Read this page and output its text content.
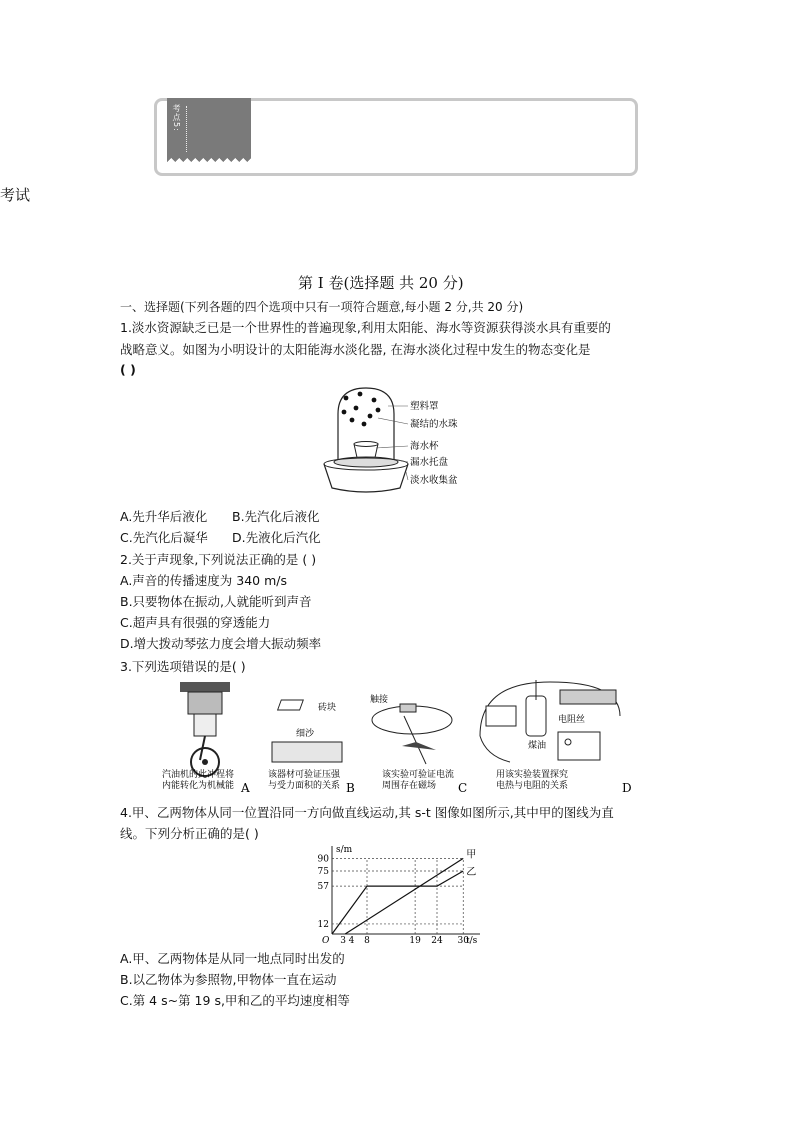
考点5:
考试
第 I 卷(选择题 共 20 分)
一、选择题(下列各题的四个选项中只有一项符合题意,每小题 2 分,共 20 分)
1.淡水资源缺乏已是一个世界性的普遍现象,利用太阳能、海水等资源获得淡水具有重要的
战略意义。如图为小明设计的太阳能海水淡化器, 在海水淡化过程中发生的物态变化是
( )
塑料罩
凝结的水珠
海水杯
漏水托盘
淡水收集盆
A.先升华后液化 B.先汽化后液化
C.先汽化后凝华 D.先液化后汽化
2.关于声现象,下列说法正确的是 ( )
A.声音的传播速度为 340 m/s
B.只要物体在振动,人就能听到声音
C.超声具有很强的穿透能力
D.增大拨动琴弦力度会增大振动频率
3.下列选项错误的是( )
汽油机的此冲程将
内能转化为机械能 A
砖块
细沙
该器材可验证压强
与受力面积的关系 B
触接
该实验可验证电流
周围存在磁场 C
电阻丝
煤油
用该实验装置探究
电热与电阻的关系	D
4.甲、乙两物体从同一位置沿同一方向做直线运动,其 s-t 图像如图所示,其中甲的图线为直
线。下列分析正确的是( )
s/m
t/s
O
12
57
75
90
3 4 8	19 24 30
甲
乙
A.甲、乙两物体是从同一地点同时出发的
B.以乙物体为参照物,甲物体一直在运动
C.第 4 s~第 19 s,甲和乙的平均速度相等
